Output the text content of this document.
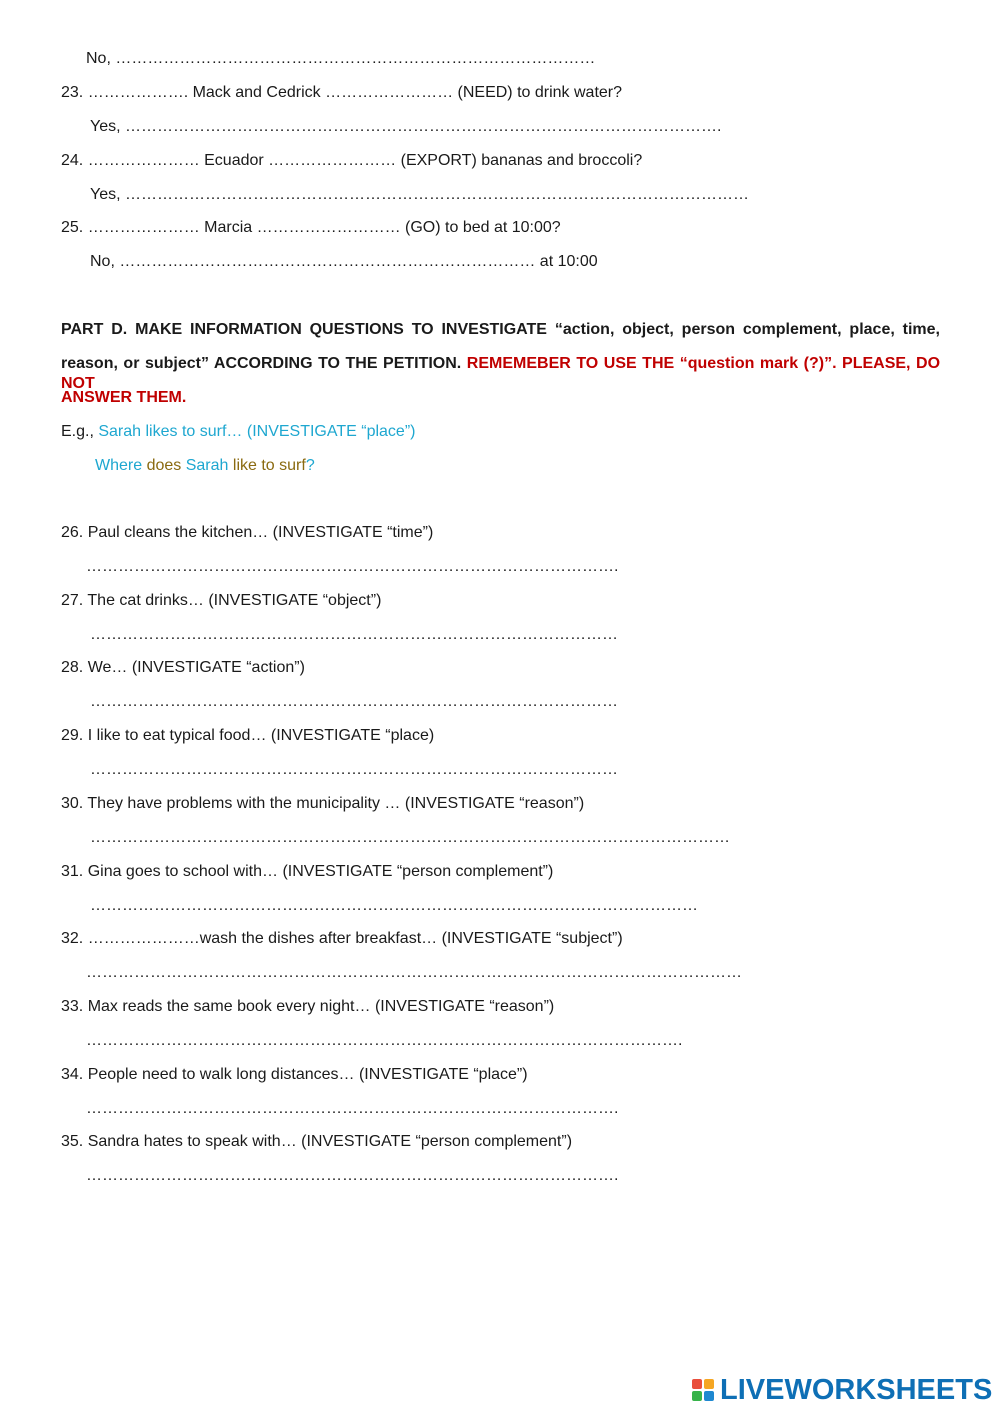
No, ………………………………………………………………………………
23. ………………. Mack and Cedrick …………………… (NEED) to drink water?
Yes, ………………………………………………………………………………………………….
24. ………………… Ecuador …………………… (EXPORT) bananas and broccoli?
Yes, ………………………………………………………………………………………………………
25. ………………… Marcia ……………………… (GO) to bed at 10:00?
No, …………………………………………………………………… at 10:00
PART D. MAKE INFORMATION QUESTIONS TO INVESTIGATE “action, object, person complement, place, time,
reason, or subject” ACCORDING TO THE PETITION. REMEMEBER TO USE THE “question mark (?)”. PLEASE, DO NOT
ANSWER THEM.
E.g., Sarah likes to surf… (INVESTIGATE “place”)
Where does Sarah like to surf?
26. Paul cleans the kitchen… (INVESTIGATE “time”)
……………………………………………………………………………………….
27. The cat drinks… (INVESTIGATE “object”)
………………………………………………………………………………………
28. We… (INVESTIGATE “action”)
………………………………………………………………………………………
29. I like to eat typical food… (INVESTIGATE “place)
………………………………………………………………………………………
30. They have problems with the municipality … (INVESTIGATE “reason”)
…………………………………………………………………………………………………………
31. Gina goes to school with… (INVESTIGATE “person complement”)
……………………………………………………………………………………………………
32. …………………wash the dishes after breakfast… (INVESTIGATE “subject”)
……………………………………………………………………………………………………………
33. Max reads the same book every night… (INVESTIGATE “reason”)
………………………………………………………………………………………………….
34. People need to walk long distances… (INVESTIGATE “place”)
……………………………………………………………………………………….
35. Sandra hates to speak with… (INVESTIGATE “person complement”)
……………………………………………………………………………………….
LIVEWORKSHEETS
